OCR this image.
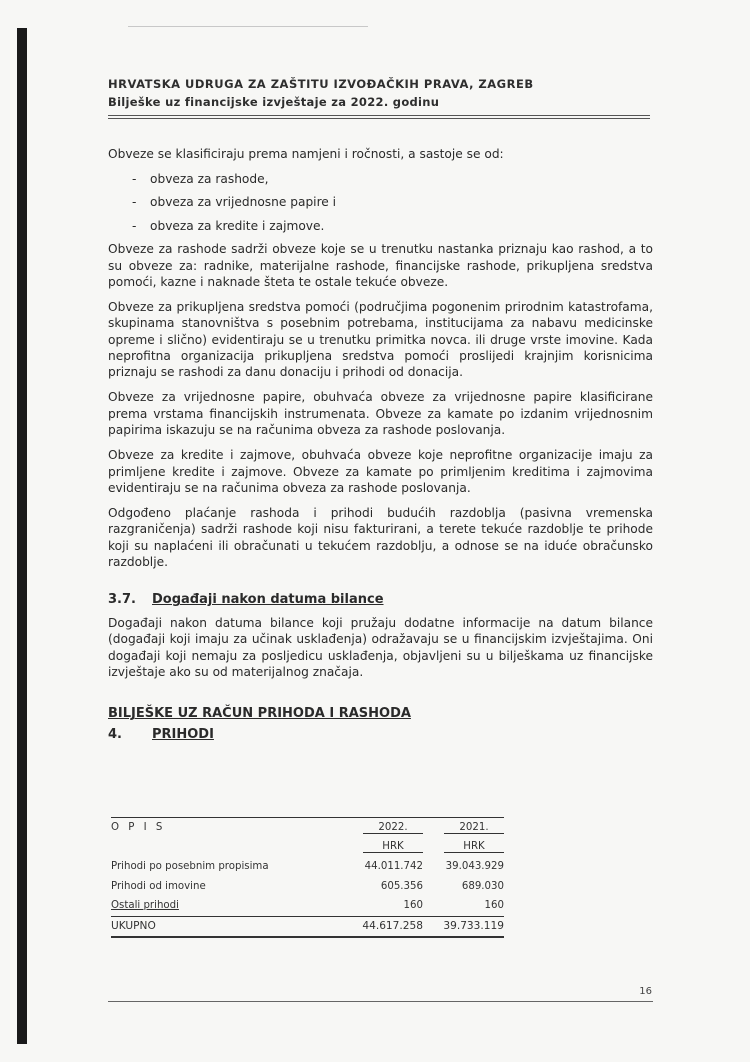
HRVATSKA UDRUGA ZA ZAŠTITU IZVOĐAČKIH PRAVA, ZAGREB
Bilješke uz financijske izvještaje za 2022. godinu

Obveze se klasificiraju prema namjeni i ročnosti, a sastoje se od:

- obveza za rashode,
- obveza za vrijednosne papire i
- obveza za kredite i zajmove.

Obveze za rashode sadrži obveze koje se u trenutku nastanka priznaju kao rashod, a to su obveze za: radnike, materijalne rashode, financijske rashode, prikupljena sredstva pomoći, kazne i naknade šteta te ostale tekuće obveze.

Obveze za prikupljena sredstva pomoći (područjima pogonenim prirodnim katastrofama, skupinama stanovništva s posebnim potrebama, institucijama za nabavu medicinske opreme i slično) evidentiraju se u trenutku primitka novca. ili druge vrste imovine. Kada neprofitna organizacija prikupljena sredstva pomoći proslijedi krajnjim korisnicima priznaju se rashodi za danu donaciju i prihodi od donacija.

Obveze za vrijednosne papire, obuhvaća obveze za vrijednosne papire klasificirane prema vrstama financijskih instrumenata. Obveze za kamate po izdanim vrijednosnim papirima iskazuju se na računima obveza za rashode poslovanja.

Obveze za kredite i zajmove, obuhvaća obveze koje neprofitne organizacije imaju za primljene kredite i zajmove. Obveze za kamate po primljenim kreditima i zajmovima evidentiraju se na računima obveza za rashode poslovanja.

Odgođeno plaćanje rashoda i prihodi budućih razdoblja (pasivna vremenska razgraničenja) sadrži rashode koji nisu fakturirani, a terete tekuće razdoblje te prihode koji su naplaćeni ili obračunati u tekućem razdoblju, a odnose se na iduće obračunsko razdoblje.

3.7. Događaji nakon datuma bilance

Događaji nakon datuma bilance koji pružaju dodatne informacije na datum bilance (događaji koji imaju za učinak usklađenja) odražavaju se u financijskim izvještajima. Oni događaji koji nemaju za posljedicu usklađenja, objavljeni su u bilješkama uz financijske izvještaje ako su od materijalnog značaja.

BILJEŠKE UZ RAČUN PRIHODA I RASHODA
4. PRIHODI
O P I S	2022.	2021.
	HRK	HRK
Prihodi po posebnim propisima	44.011.742	39.043.929
Prihodi od imovine	605.356	689.030
Ostali prihodi	160	160
UKUPNO	44.617.258	39.733.119
16
